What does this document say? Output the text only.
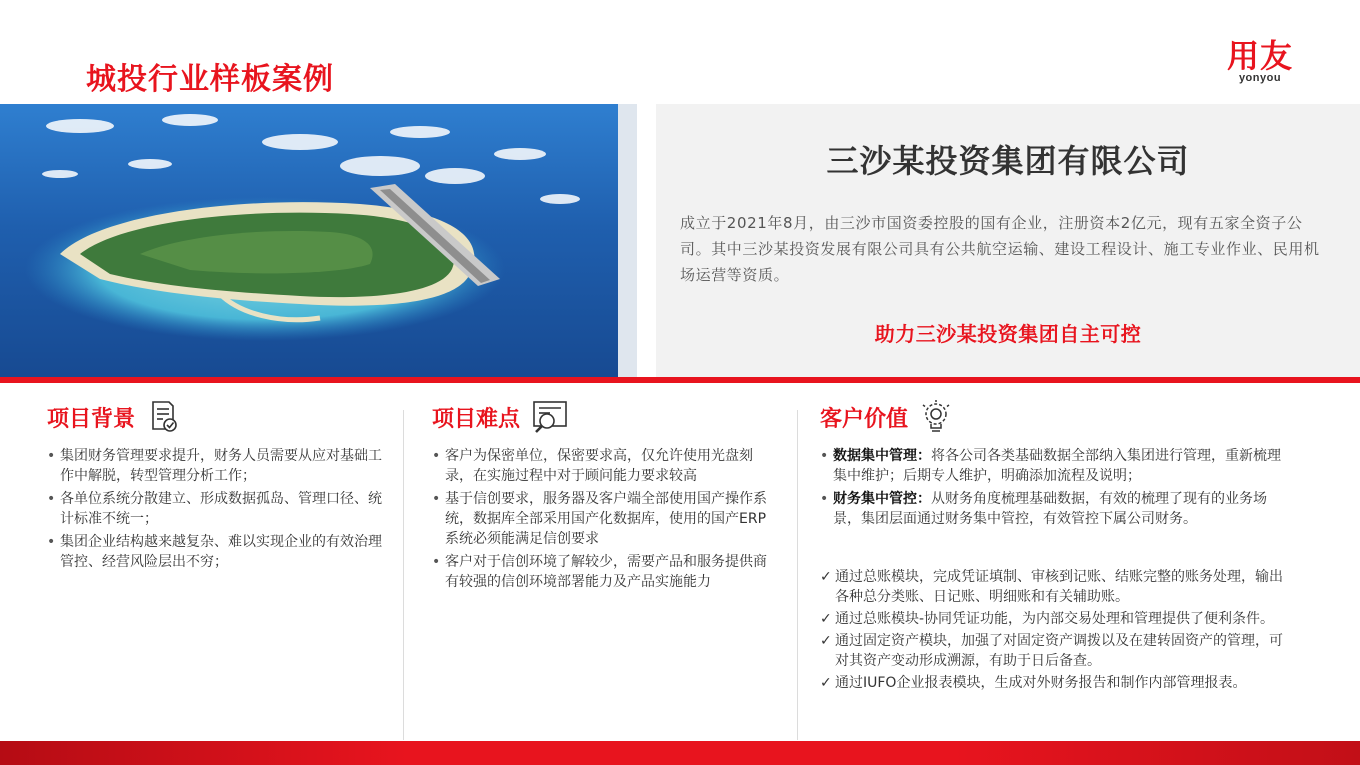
城投行业样板案例
用友
yonyou
三沙某投资集团有限公司
成立于2021年8月，由三沙市国资委控股的国有企业，注册资本2亿元，现有五家全资子公司。其中三沙某投资发展有限公司具有公共航空运输、建设工程设计、施工专业作业、民用机场运营等资质。
助力三沙某投资集团自主可控
项目背景
• 集团财务管理要求提升，财务人员需要从应对基础工作中解脱，转型管理分析工作；
• 各单位系统分散建立、形成数据孤岛、管理口径、统计标准不统一；
• 集团企业结构越来越复杂、难以实现企业的有效治理管控、经营风险层出不穷；
项目难点
• 客户为保密单位，保密要求高，仅允许使用光盘刻录，在实施过程中对于顾问能力要求较高
• 基于信创要求，服务器及客户端全部使用国产操作系统，数据库全部采用国产化数据库，使用的国产ERP系统必须能满足信创要求
• 客户对于信创环境了解较少，需要产品和服务提供商有较强的信创环境部署能力及产品实施能力
客户价值
• 数据集中管理：将各公司各类基础数据全部纳入集团进行管理，重新梳理集中维护；后期专人维护，明确添加流程及说明；
• 财务集中管控：从财务角度梳理基础数据，有效的梳理了现有的业务场景，集团层面通过财务集中管控，有效管控下属公司财务。
✓ 通过总账模块，完成凭证填制、审核到记账、结账完整的账务处理，输出各种总分类账、日记账、明细账和有关辅助账。
✓ 通过总账模块-协同凭证功能，为内部交易处理和管理提供了便利条件。
✓ 通过固定资产模块，加强了对固定资产调拨以及在建转固资产的管理，可对其资产变动形成溯源，有助于日后备查。
✓ 通过IUFO企业报表模块，生成对外财务报告和制作内部管理报表。
